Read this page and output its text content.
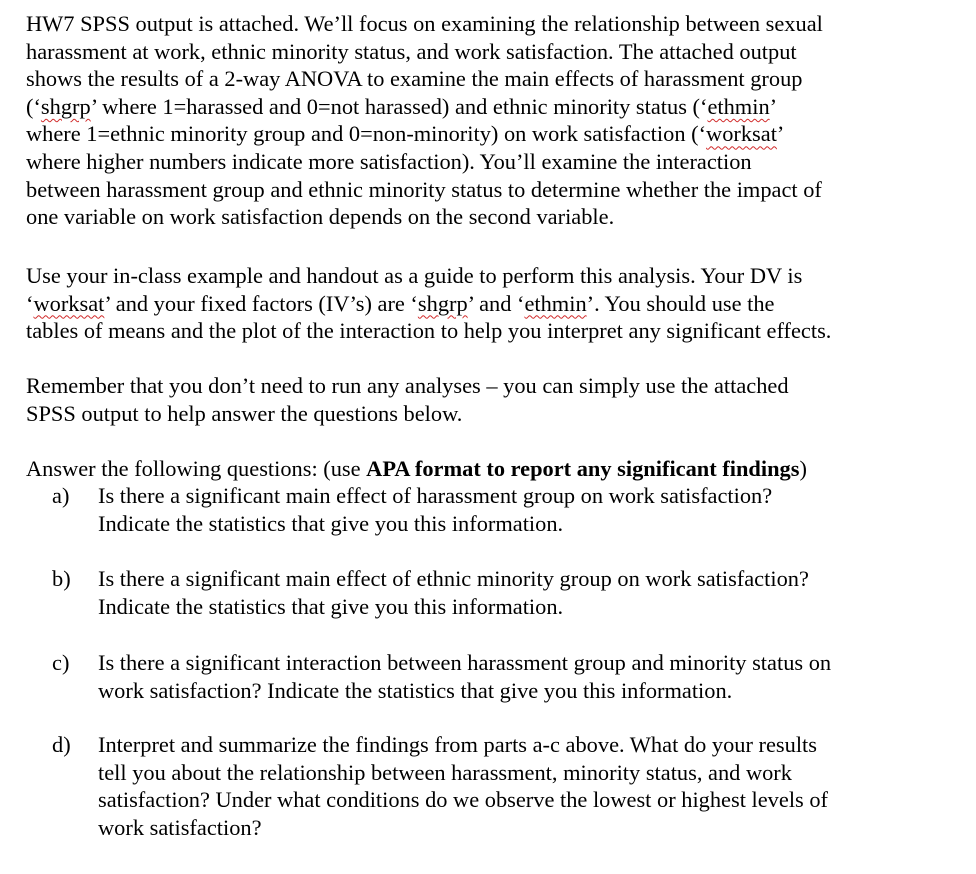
HW7 SPSS output is attached. We’ll focus on examining the relationship between sexual
harassment at work, ethnic minority status, and work satisfaction. The attached output
shows the results of a 2-way ANOVA to examine the main effects of harassment group
(‘shgrp’ where 1=harassed and 0=not harassed) and ethnic minority status (‘ethmin’
where 1=ethnic minority group and 0=non-minority) on work satisfaction (‘worksat’
where higher numbers indicate more satisfaction). You’ll examine the interaction
between harassment group and ethnic minority status to determine whether the impact of
one variable on work satisfaction depends on the second variable.
Use your in-class example and handout as a guide to perform this analysis. Your DV is
‘worksat’ and your fixed factors (IV’s) are ‘shgrp’ and ‘ethmin’. You should use the
tables of means and the plot of the interaction to help you interpret any significant effects.
Remember that you don’t need to run any analyses – you can simply use the attached
SPSS output to help answer the questions below.
Answer the following questions: (use APA format to report any significant findings)
a)	Is there a significant main effect of harassment group on work satisfaction?
Indicate the statistics that give you this information.
b)	Is there a significant main effect of ethnic minority group on work satisfaction?
Indicate the statistics that give you this information.
c)	Is there a significant interaction between harassment group and minority status on
work satisfaction? Indicate the statistics that give you this information.
d)	Interpret and summarize the findings from parts a-c above. What do your results
tell you about the relationship between harassment, minority status, and work
satisfaction? Under what conditions do we observe the lowest or highest levels of
work satisfaction?
